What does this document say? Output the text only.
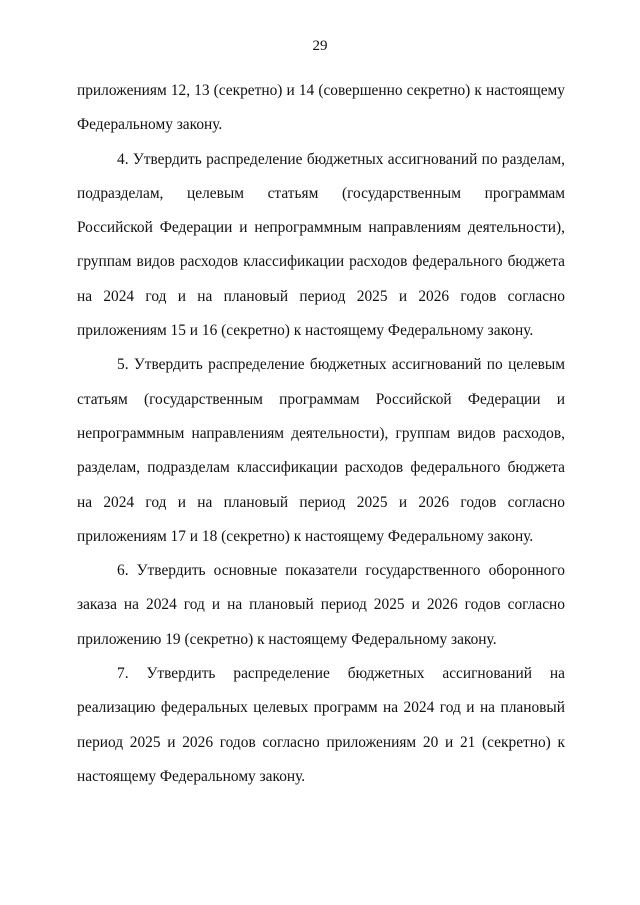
29

приложениям 12, 13 (секретно) и 14 (совершенно секретно) к настоящему Федеральному закону.

4. Утвердить распределение бюджетных ассигнований по разделам, подразделам, целевым статьям (государственным программам Российской Федерации и непрограммным направлениям деятельности), группам видов расходов классификации расходов федерального бюджета на 2024 год и на плановый период 2025 и 2026 годов согласно приложениям 15 и 16 (секретно) к настоящему Федеральному закону.

5. Утвердить распределение бюджетных ассигнований по целевым статьям (государственным программам Российской Федерации и непрограммным направлениям деятельности), группам видов расходов, разделам, подразделам классификации расходов федерального бюджета на 2024 год и на плановый период 2025 и 2026 годов согласно приложениям 17 и 18 (секретно) к настоящему Федеральному закону.

6. Утвердить основные показатели государственного оборонного заказа на 2024 год и на плановый период 2025 и 2026 годов согласно приложению 19 (секретно) к настоящему Федеральному закону.

7. Утвердить распределение бюджетных ассигнований на реализацию федеральных целевых программ на 2024 год и на плановый период 2025 и 2026 годов согласно приложениям 20 и 21 (секретно) к настоящему Федеральному закону.
